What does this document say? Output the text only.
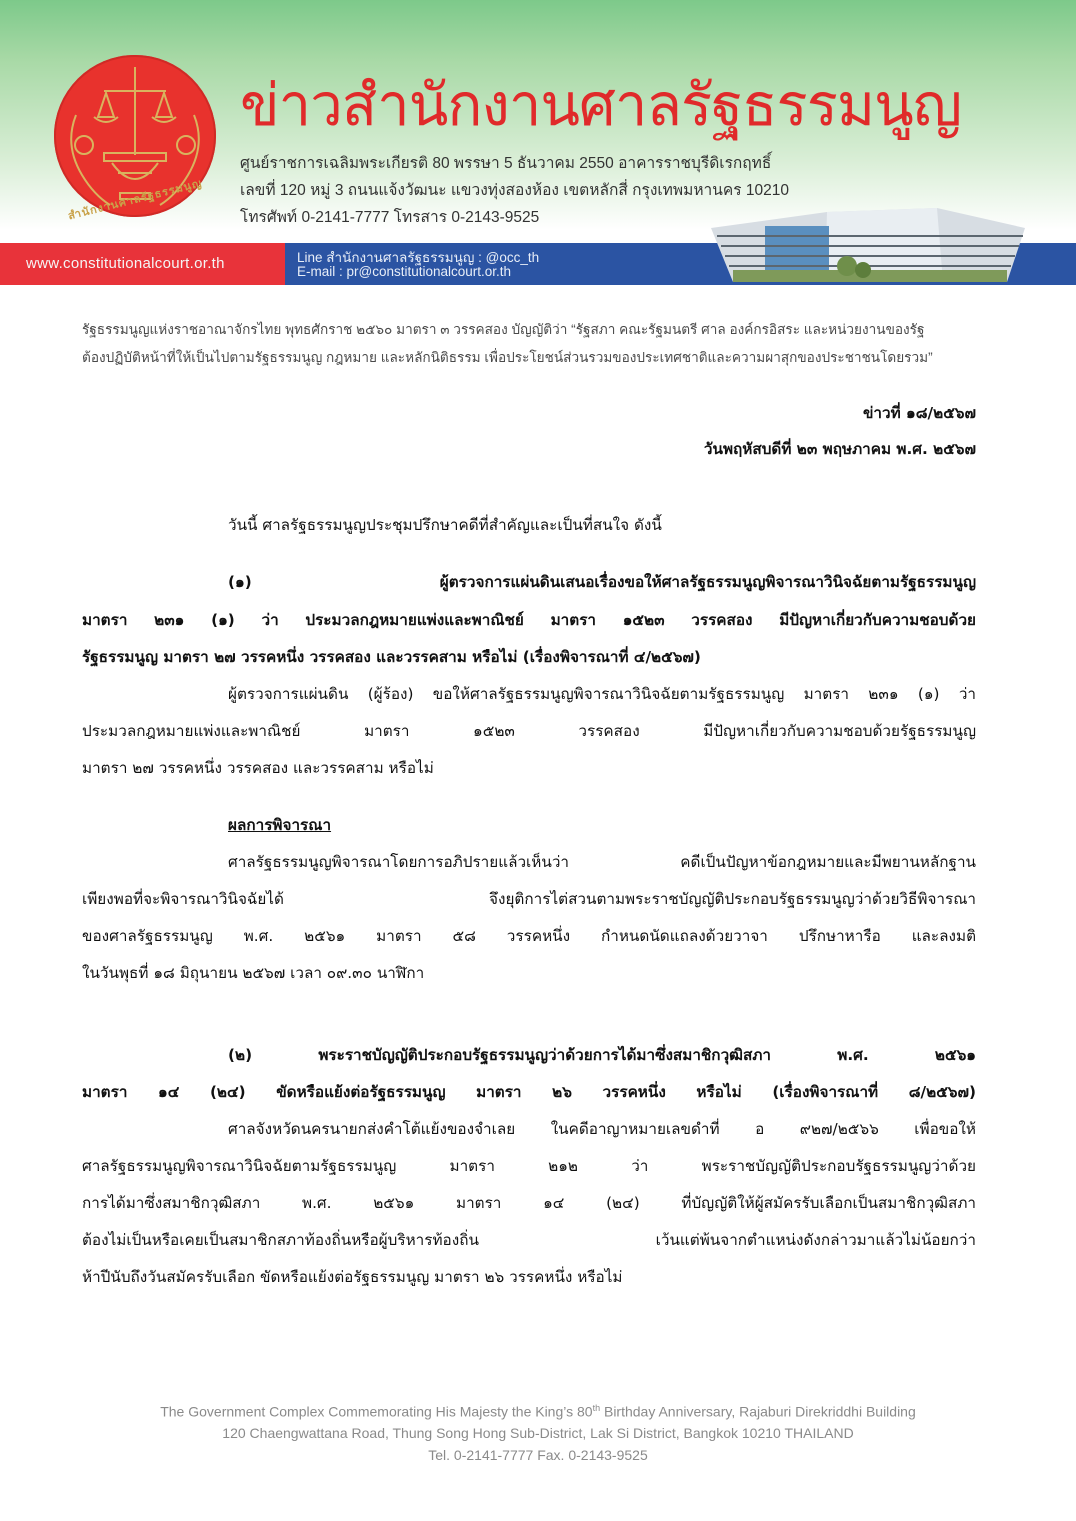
สำนักงานศาลรัฐธรรมนูญ
ข่าวสำนักงานศาลรัฐธรรมนูญ
ศูนย์ราชการเฉลิมพระเกียรติ 80 พรรษา 5 ธันวาคม 2550 อาคารราชบุรีดิเรกฤทธิ์
เลขที่ 120 หมู่ 3 ถนนแจ้งวัฒนะ แขวงทุ่งสองห้อง เขตหลักสี่ กรุงเทพมหานคร 10210
โทรศัพท์ 0-2141-7777 โทรสาร 0-2143-9525
www.constitutionalcourt.or.th	Line สำนักงานศาลรัฐธรรมนูญ : @occ_th
E-mail : pr@constitutionalcourt.or.th
รัฐธรรมนูญแห่งราชอาณาจักรไทย พุทธศักราช ๒๕๖๐ มาตรา ๓ วรรคสอง บัญญัติว่า “รัฐสภา คณะรัฐมนตรี ศาล องค์กรอิสระ และหน่วยงานของรัฐ
ต้องปฏิบัติหน้าที่ให้เป็นไปตามรัฐธรรมนูญ กฎหมาย และหลักนิติธรรม เพื่อประโยชน์ส่วนรวมของประเทศชาติและความผาสุกของประชาชนโดยรวม”
ข่าวที่ ๑๘/๒๕๖๗
วันพฤหัสบดีที่ ๒๓ พฤษภาคม พ.ศ. ๒๕๖๗
วันนี้ ศาลรัฐธรรมนูญประชุมปรึกษาคดีที่สำคัญและเป็นที่สนใจ ดังนี้
(๑) ผู้ตรวจการแผ่นดินเสนอเรื่องขอให้ศาลรัฐธรรมนูญพิจารณาวินิจฉัยตามรัฐธรรมนูญ
มาตรา ๒๓๑ (๑) ว่า ประมวลกฎหมายแพ่งและพาณิชย์ มาตรา ๑๕๒๓ วรรคสอง มีปัญหาเกี่ยวกับความชอบด้วย
รัฐธรรมนูญ มาตรา ๒๗ วรรคหนึ่ง วรรคสอง และวรรคสาม หรือไม่ (เรื่องพิจารณาที่ ๔/๒๕๖๗)
ผู้ตรวจการแผ่นดิน (ผู้ร้อง) ขอให้ศาลรัฐธรรมนูญพิจารณาวินิจฉัยตามรัฐธรรมนูญ มาตรา ๒๓๑ (๑) ว่า
ประมวลกฎหมายแพ่งและพาณิชย์ มาตรา ๑๕๒๓ วรรคสอง มีปัญหาเกี่ยวกับความชอบด้วยรัฐธรรมนูญ
มาตรา ๒๗ วรรคหนึ่ง วรรคสอง และวรรคสาม หรือไม่
ผลการพิจารณา
ศาลรัฐธรรมนูญพิจารณาโดยการอภิปรายแล้วเห็นว่า คดีเป็นปัญหาข้อกฎหมายและมีพยานหลักฐาน
เพียงพอที่จะพิจารณาวินิจฉัยได้ จึงยุติการไต่สวนตามพระราชบัญญัติประกอบรัฐธรรมนูญว่าด้วยวิธีพิจารณา
ของศาลรัฐธรรมนูญ พ.ศ. ๒๕๖๑ มาตรา ๕๘ วรรคหนึ่ง กำหนดนัดแถลงด้วยวาจา ปรึกษาหารือ และลงมติ
ในวันพุธที่ ๑๘ มิถุนายน ๒๕๖๗ เวลา ๐๙.๓๐ นาฬิกา
(๒) พระราชบัญญัติประกอบรัฐธรรมนูญว่าด้วยการได้มาซึ่งสมาชิกวุฒิสภา พ.ศ. ๒๕๖๑
มาตรา ๑๔ (๒๔) ขัดหรือแย้งต่อรัฐธรรมนูญ มาตรา ๒๖ วรรคหนึ่ง หรือไม่ (เรื่องพิจารณาที่ ๘/๒๕๖๗)
ศาลจังหวัดนครนายกส่งคำโต้แย้งของจำเลย ในคดีอาญาหมายเลขดำที่ อ ๙๒๗/๒๕๖๖ เพื่อขอให้
ศาลรัฐธรรมนูญพิจารณาวินิจฉัยตามรัฐธรรมนูญ มาตรา ๒๑๒ ว่า พระราชบัญญัติประกอบรัฐธรรมนูญว่าด้วย
การได้มาซึ่งสมาชิกวุฒิสภา พ.ศ. ๒๕๖๑ มาตรา ๑๔ (๒๔) ที่บัญญัติให้ผู้สมัครรับเลือกเป็นสมาชิกวุฒิสภา
ต้องไม่เป็นหรือเคยเป็นสมาชิกสภาท้องถิ่นหรือผู้บริหารท้องถิ่น เว้นแต่พ้นจากตำแหน่งดังกล่าวมาแล้วไม่น้อยกว่า
ห้าปีนับถึงวันสมัครรับเลือก ขัดหรือแย้งต่อรัฐธรรมนูญ มาตรา ๒๖ วรรคหนึ่ง หรือไม่
The Government Complex Commemorating His Majesty the King’s 80th Birthday Anniversary, Rajaburi Direkriddhi Building
120 Chaengwattana Road, Thung Song Hong Sub-District, Lak Si District, Bangkok 10210 THAILAND
Tel. 0-2141-7777 Fax. 0-2143-9525
